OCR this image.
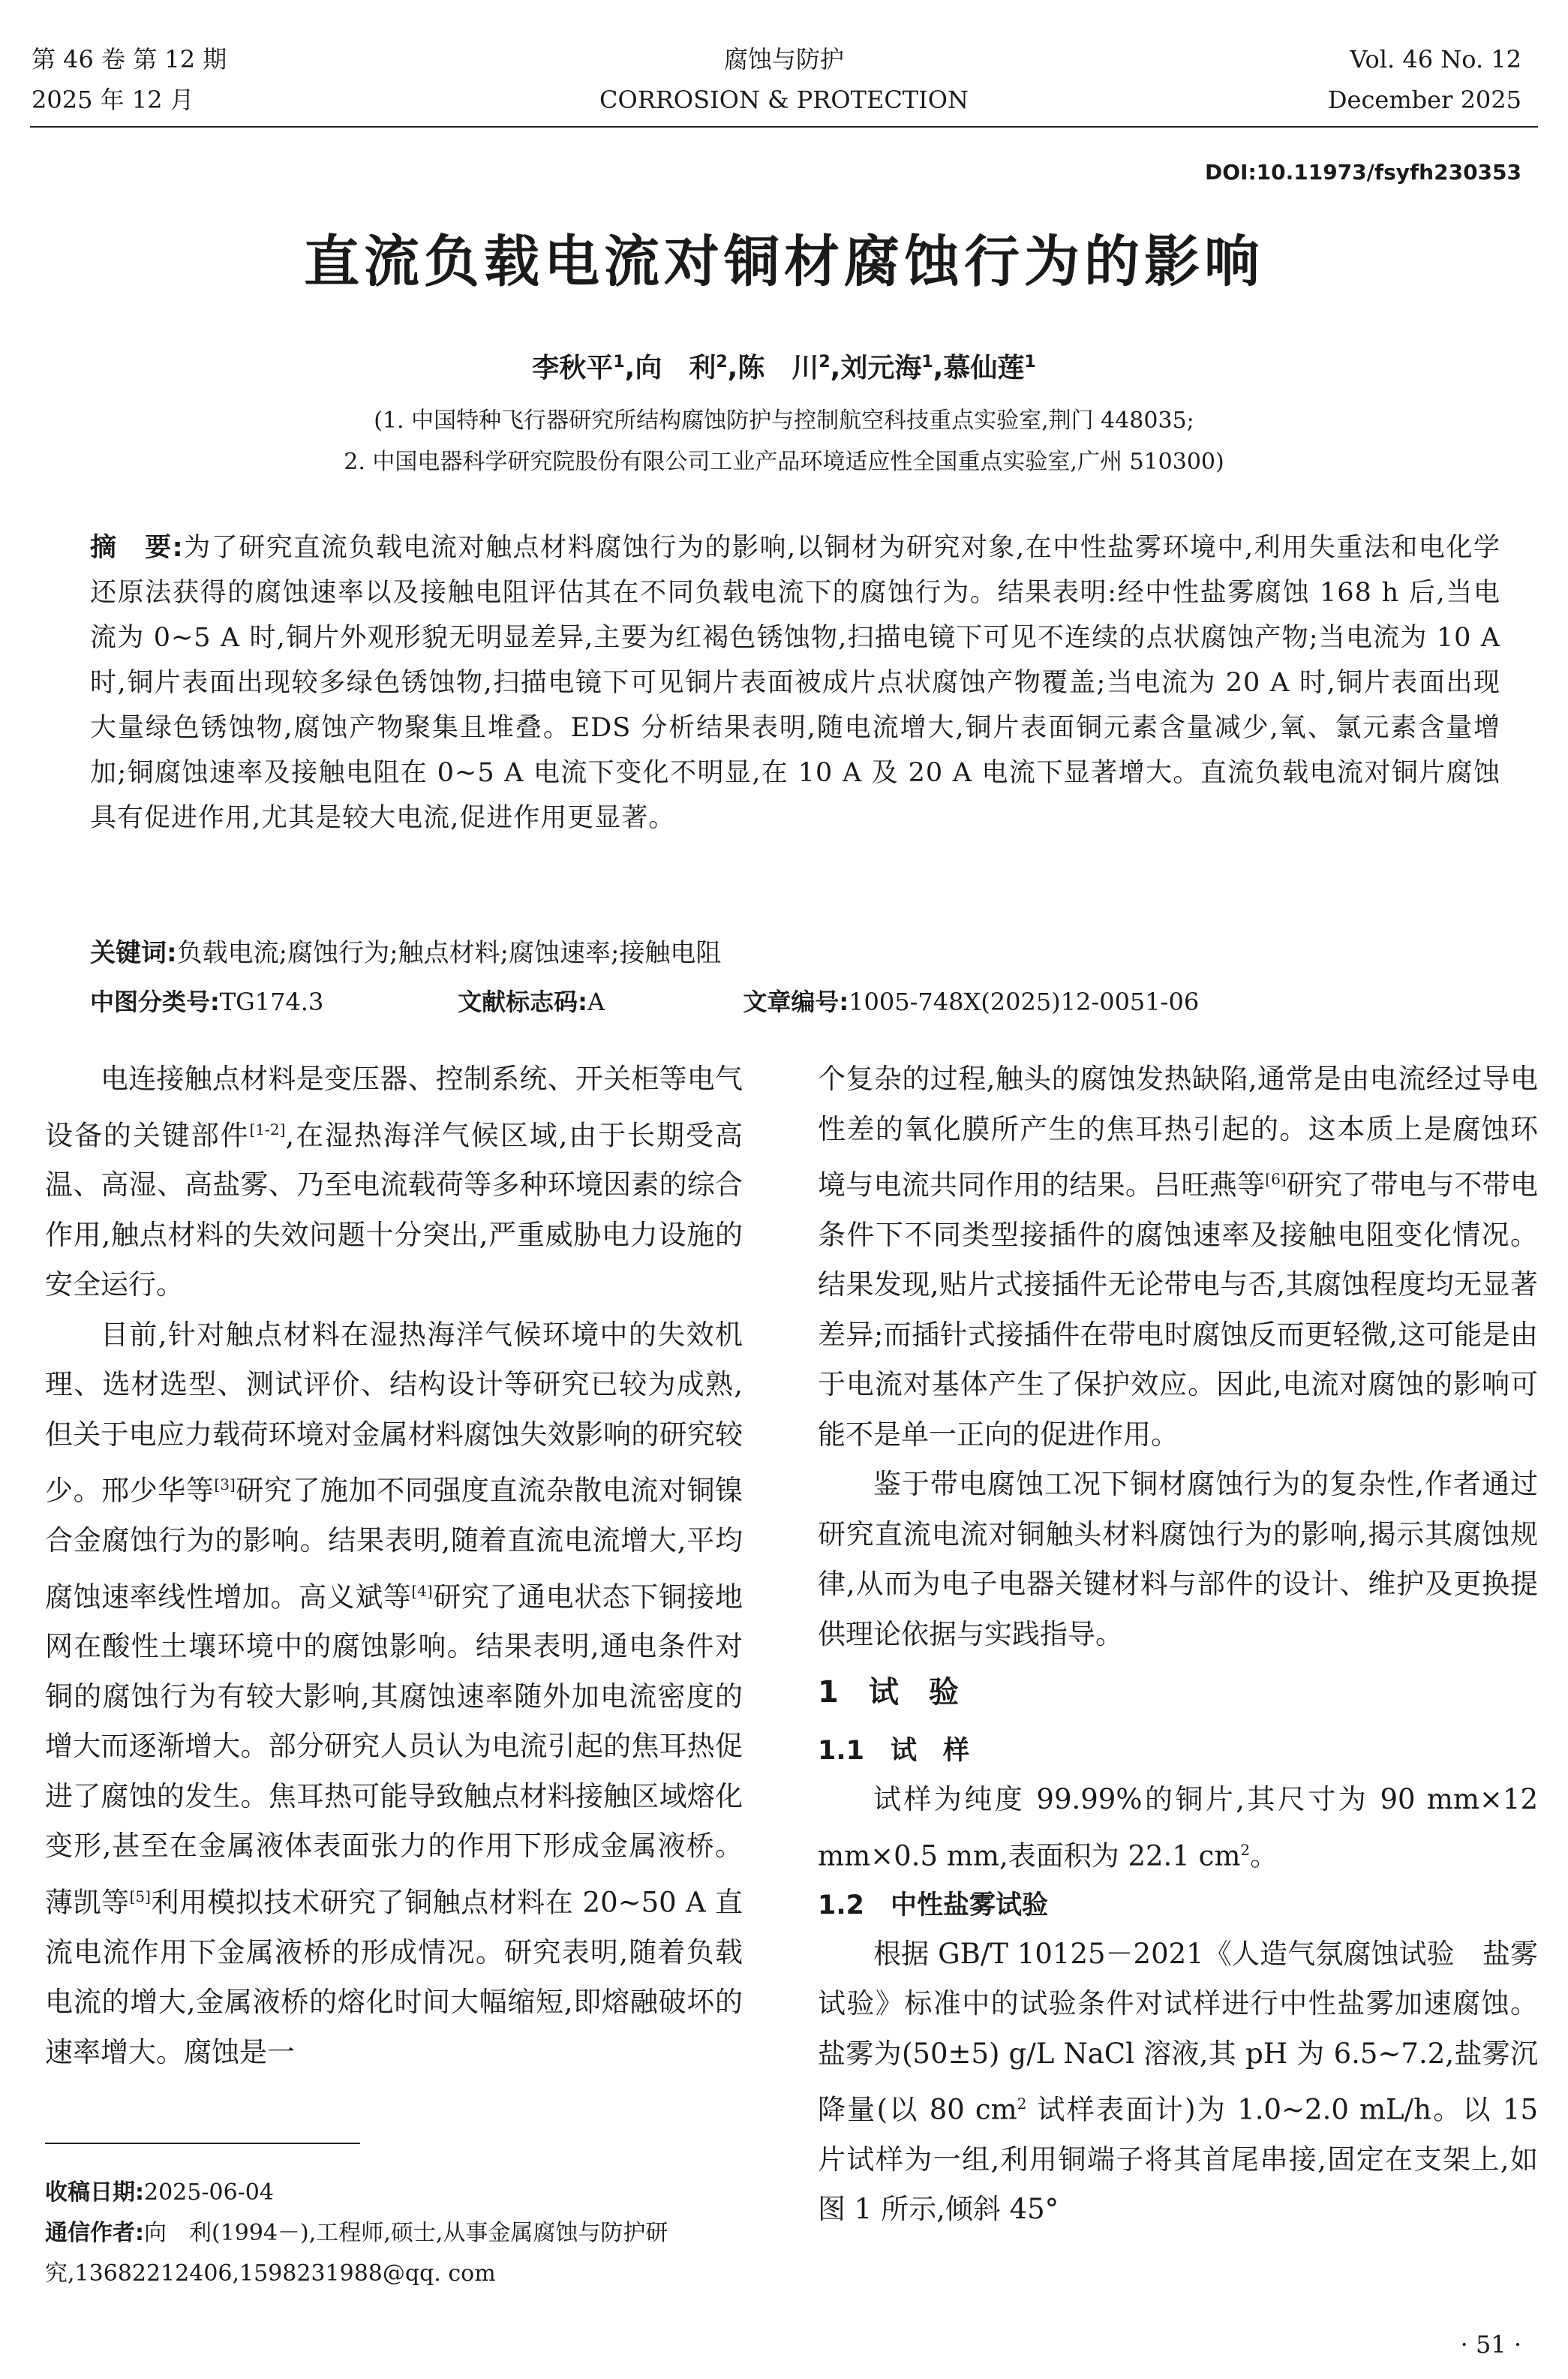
第 46 卷 第 12 期
2025 年 12 月
腐蚀与防护
CORROSION & PROTECTION
Vol. 46 No. 12
December 2025
DOI:10.11973/fsyfh230353
直流负载电流对铜材腐蚀行为的影响
李秋平$^1$,向　利$^2$,陈　川$^2$,刘元海$^1$,慕仙莲$^1$
(1. 中国特种飞行器研究所结构腐蚀防护与控制航空科技重点实验室,荆门 448035;
2. 中国电器科学研究院股份有限公司工业产品环境适应性全国重点实验室,广州 510300)
摘　要:为了研究直流负载电流对触点材料腐蚀行为的影响,以铜材为研究对象,在中性盐雾环境中,利用失重法和电化学还原法获得的腐蚀速率以及接触电阻评估其在不同负载电流下的腐蚀行为。结果表明:经中性盐雾腐蚀 168 h 后,当电流为 0~5 A 时,铜片外观形貌无明显差异,主要为红褐色锈蚀物,扫描电镜下可见不连续的点状腐蚀产物;当电流为 10 A 时,铜片表面出现较多绿色锈蚀物,扫描电镜下可见铜片表面被成片点状腐蚀产物覆盖;当电流为 20 A 时,铜片表面出现大量绿色锈蚀物,腐蚀产物聚集且堆叠。EDS 分析结果表明,随电流增大,铜片表面铜元素含量减少,氧、氯元素含量增加;铜腐蚀速率及接触电阻在 0~5 A 电流下变化不明显,在 10 A 及 20 A 电流下显著增大。直流负载电流对铜片腐蚀具有促进作用,尤其是较大电流,促进作用更显著。
关键词:负载电流;腐蚀行为;触点材料;腐蚀速率;接触电阻
中图分类号:TG174.3	文献标志码:A	文章编号:1005-748X(2025)12-0051-06

电连接触点材料是变压器、控制系统、开关柜等电气设备的关键部件[1-2],在湿热海洋气候区域,由于长期受高温、高湿、高盐雾、乃至电流载荷等多种环境因素的综合作用,触点材料的失效问题十分突出,严重威胁电力设施的安全运行。

目前,针对触点材料在湿热海洋气候环境中的失效机理、选材选型、测试评价、结构设计等研究已较为成熟,但关于电应力载荷环境对金属材料腐蚀失效影响的研究较少。邢少华等[3]研究了施加不同强度直流杂散电流对铜镍合金腐蚀行为的影响。结果表明,随着直流电流增大,平均腐蚀速率线性增加。高义斌等[4]研究了通电状态下铜接地网在酸性土壤环境中的腐蚀影响。结果表明,通电条件对铜的腐蚀行为有较大影响,其腐蚀速率随外加电流密度的增大而逐渐增大。部分研究人员认为电流引起的焦耳热促进了腐蚀的发生。焦耳热可能导致触点材料接触区域熔化变形,甚至在金属液体表面张力的作用下形成金属液桥。薄凯等[5]利用模拟技术研究了铜触点材料在 20~50 A 直流电流作用下金属液桥的形成情况。研究表明,随着负载电流的增大,金属液桥的熔化时间大幅缩短,即熔融破坏的速率增大。腐蚀是一

个复杂的过程,触头的腐蚀发热缺陷,通常是由电流经过导电性差的氧化膜所产生的焦耳热引起的。这本质上是腐蚀环境与电流共同作用的结果。吕旺燕等[6]研究了带电与不带电条件下不同类型接插件的腐蚀速率及接触电阻变化情况。结果发现,贴片式接插件无论带电与否,其腐蚀程度均无显著差异;而插针式接插件在带电时腐蚀反而更轻微,这可能是由于电流对基体产生了保护效应。因此,电流对腐蚀的影响可能不是单一正向的促进作用。

鉴于带电腐蚀工况下铜材腐蚀行为的复杂性,作者通过研究直流电流对铜触头材料腐蚀行为的影响,揭示其腐蚀规律,从而为电子电器关键材料与部件的设计、维护及更换提供理论依据与实践指导。

1　试　验
1.1　试　样

试样为纯度 99.99%的铜片,其尺寸为 90 mm×12 mm×0.5 mm,表面积为 22.1 $cm^2$。

1.2　中性盐雾试验

根据 GB/T 10125－2021《人造气氛腐蚀试验　盐雾试验》标准中的试验条件对试样进行中性盐雾加速腐蚀。盐雾为(50±5) g/L NaCl 溶液,其 pH 为 6.5~7.2,盐雾沉降量(以 80 $cm^2$ 试样表面计)为 1.0~2.0 mL/h。以 15 片试样为一组,利用铜端子将其首尾串接,固定在支架上,如图 1 所示,倾斜 45°

收稿日期:2025-06-04
通信作者:向　利(1994－),工程师,硕士,从事金属腐蚀与防护研究,13682212406,1598231988@qq. com
· 51 ·
